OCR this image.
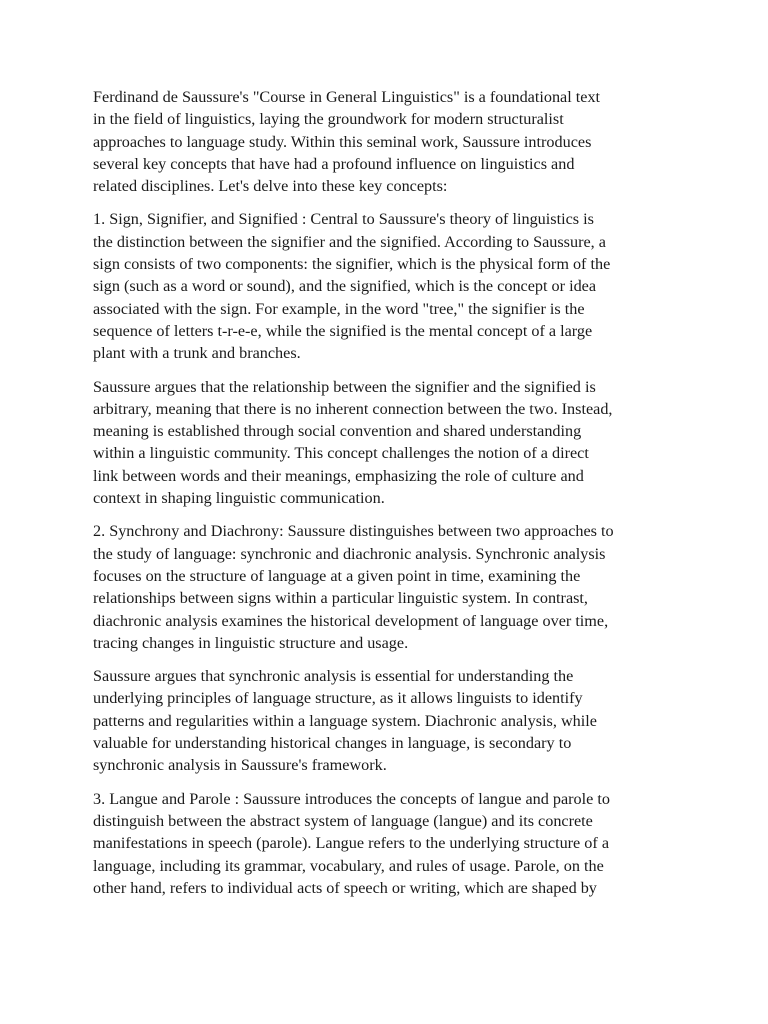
Ferdinand de Saussure's "Course in General Linguistics" is a foundational text
in the field of linguistics, laying the groundwork for modern structuralist
approaches to language study. Within this seminal work, Saussure introduces
several key concepts that have had a profound influence on linguistics and
related disciplines. Let's delve into these key concepts:
1. Sign, Signifier, and Signified : Central to Saussure's theory of linguistics is
the distinction between the signifier and the signified. According to Saussure, a
sign consists of two components: the signifier, which is the physical form of the
sign (such as a word or sound), and the signified, which is the concept or idea
associated with the sign. For example, in the word "tree," the signifier is the
sequence of letters t-r-e-e, while the signified is the mental concept of a large
plant with a trunk and branches.
Saussure argues that the relationship between the signifier and the signified is
arbitrary, meaning that there is no inherent connection between the two. Instead,
meaning is established through social convention and shared understanding
within a linguistic community. This concept challenges the notion of a direct
link between words and their meanings, emphasizing the role of culture and
context in shaping linguistic communication.
2. Synchrony and Diachrony: Saussure distinguishes between two approaches to
the study of language: synchronic and diachronic analysis. Synchronic analysis
focuses on the structure of language at a given point in time, examining the
relationships between signs within a particular linguistic system. In contrast,
diachronic analysis examines the historical development of language over time,
tracing changes in linguistic structure and usage.
Saussure argues that synchronic analysis is essential for understanding the
underlying principles of language structure, as it allows linguists to identify
patterns and regularities within a language system. Diachronic analysis, while
valuable for understanding historical changes in language, is secondary to
synchronic analysis in Saussure's framework.
3. Langue and Parole : Saussure introduces the concepts of langue and parole to
distinguish between the abstract system of language (langue) and its concrete
manifestations in speech (parole). Langue refers to the underlying structure of a
language, including its grammar, vocabulary, and rules of usage. Parole, on the
other hand, refers to individual acts of speech or writing, which are shaped by
